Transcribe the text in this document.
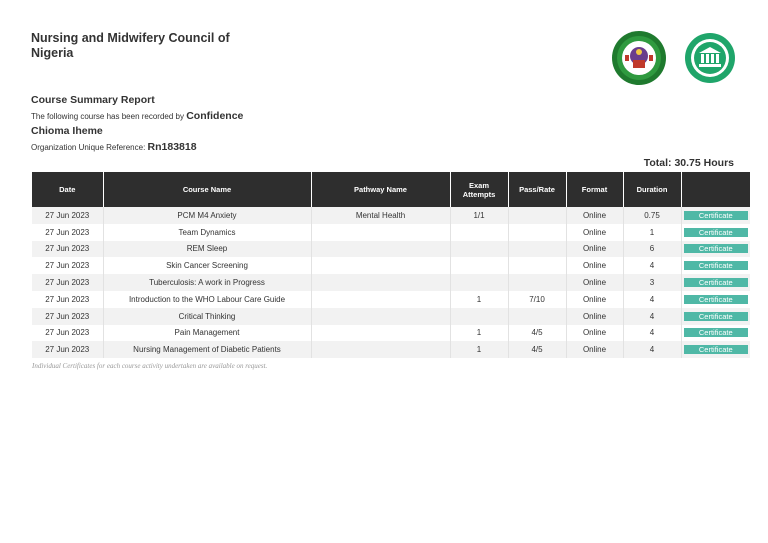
Nursing and Midwifery Council of Nigeria
Course Summary Report
The following course has been recorded by Confidence
Chioma Iheme
Organization Unique Reference: Rn183818
Total: 30.75 Hours
Date	Course Name	Pathway Name	Exam Attempts	Pass/Rate	Format	Duration	
27 Jun 2023	PCM M4 Anxiety	Mental Health	1/1		Online	0.75	Certificate
27 Jun 2023	Team Dynamics				Online	1	Certificate
27 Jun 2023	REM Sleep				Online	6	Certificate
27 Jun 2023	Skin Cancer Screening				Online	4	Certificate
27 Jun 2023	Tuberculosis: A work in Progress				Online	3	Certificate
27 Jun 2023	Introduction to the WHO Labour Care Guide		1	7/10	Online	4	Certificate
27 Jun 2023	Critical Thinking				Online	4	Certificate
27 Jun 2023	Pain Management		1	4/5	Online	4	Certificate
27 Jun 2023	Nursing Management of Diabetic Patients		1	4/5	Online	4	Certificate
Individual Certificates for each course activity undertaken are available on request.
